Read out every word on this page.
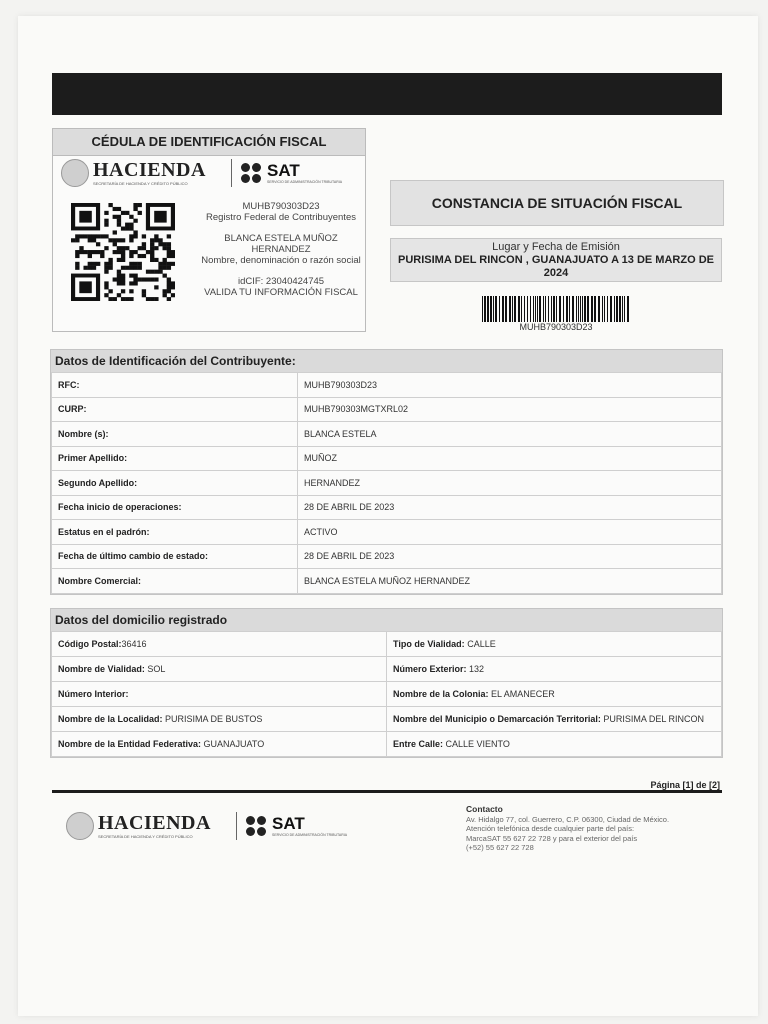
CÉDULA DE IDENTIFICACIÓN FISCAL
HACIENDA
SECRETARÍA DE HACIENDA Y CRÉDITO PÚBLICO
SAT
SERVICIO DE ADMINISTRACIÓN TRIBUTARIA
MUHB790303D23
Registro Federal de Contribuyentes
BLANCA ESTELA MUÑOZ HERNANDEZ
Nombre, denominación o razón social
idCIF: 23040424745
VALIDA TU INFORMACIÓN FISCAL
CONSTANCIA DE SITUACIÓN FISCAL
Lugar y Fecha de Emisión
PURISIMA DEL RINCON , GUANAJUATO A 13 DE MARZO DE 2024
MUHB790303D23
Datos de Identificación del Contribuyente:
RFC:	MUHB790303D23
CURP:	MUHB790303MGTXRL02
Nombre (s):	BLANCA ESTELA
Primer Apellido:	MUÑOZ
Segundo Apellido:	HERNANDEZ
Fecha inicio de operaciones:	28 DE ABRIL DE 2023
Estatus en el padrón:	ACTIVO
Fecha de último cambio de estado:	28 DE ABRIL DE 2023
Nombre Comercial:	BLANCA ESTELA MUÑOZ HERNANDEZ
Datos del domicilio registrado
Código Postal:36416	Tipo de Vialidad: CALLE
Nombre de Vialidad: SOL	Número Exterior: 132
Número Interior:	Nombre de la Colonia: EL AMANECER
Nombre de la Localidad: PURISIMA DE BUSTOS	Nombre del Municipio o Demarcación Territorial: PURISIMA DEL RINCON
Nombre de la Entidad Federativa: GUANAJUATO	Entre Calle: CALLE VIENTO
Página [1] de [2]
HACIENDA
SECRETARÍA DE HACIENDA Y CRÉDITO PÚBLICO
SAT
SERVICIO DE ADMINISTRACIÓN TRIBUTARIA
Contacto
Av. Hidalgo 77, col. Guerrero, C.P. 06300, Ciudad de México.
Atención telefónica desde cualquier parte del país:
MarcaSAT 55 627 22 728 y para el exterior del país
(+52) 55 627 22 728
